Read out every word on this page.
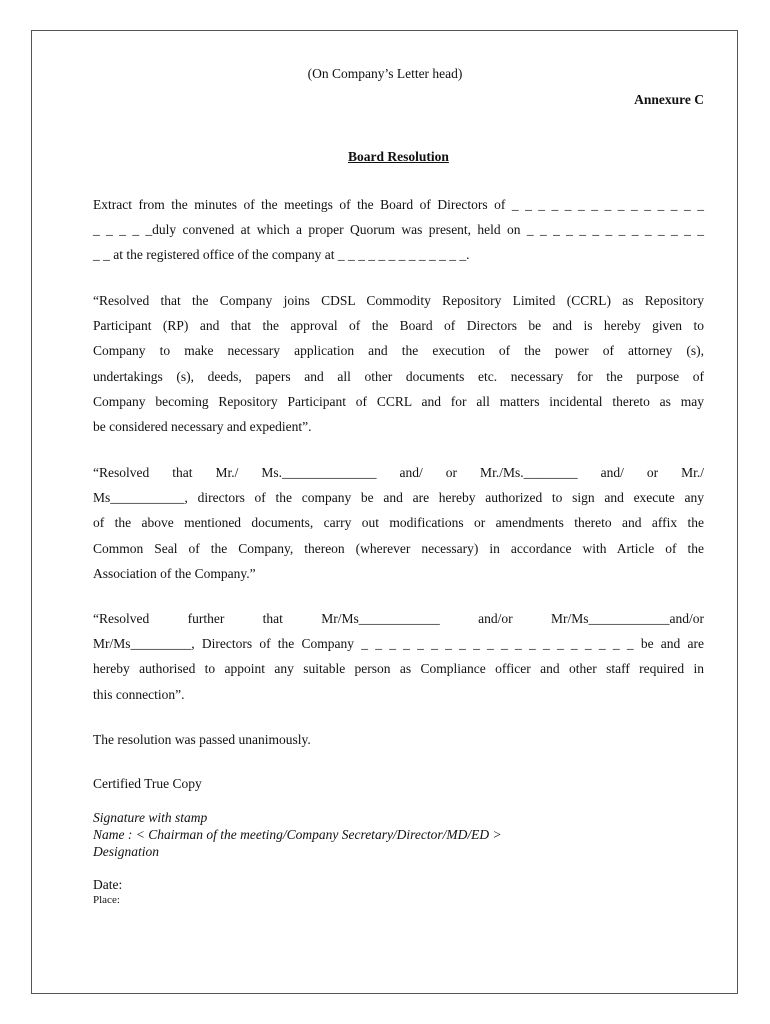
(On Company’s Letter head)
Annexure C
Board Resolution
Extract from the minutes of the meetings of the Board of Directors of _ _ _ _ _ _ _ _ _ _ _ _ _ _ _
_ _ _ _ _duly convened at which a proper Quorum was present, held on _ _ _ _ _ _ _ _ _ _ _ _ _ _
_ _ at the registered office of the company at _ _ _ _ _ _ _ _ _ _ _ _ _.
“Resolved that the Company joins CDSL Commodity Repository Limited (CCRL) as Repository
Participant (RP) and that the approval of the Board of Directors be and is hereby given to
Company to make necessary application and the execution of the power of attorney (s),
undertakings (s), deeds, papers and all other documents etc. necessary for the purpose of
Company becoming Repository Participant of CCRL and for all matters incidental thereto as may
be considered necessary and expedient”.
“Resolved that Mr./ Ms.______________ and/ or Mr./Ms.________ and/ or Mr./
Ms___________, directors of the company be and are hereby authorized to sign and execute any
of the above mentioned documents, carry out modifications or amendments thereto and affix the
Common Seal of the Company, thereon (wherever necessary) in accordance with Article of the
Association of the Company.”
“Resolved further that Mr/Ms____________ and/or Mr/Ms____________and/or
Mr/Ms_________, Directors of the Company _ _ _ _ _ _ _ _ _ _ _ _ _ _ _ _ _ _ _ _ be and are
hereby authorised to appoint any suitable person as Compliance officer and other staff required in
this connection”.
The resolution was passed unanimously.
Certified True Copy
Signature with stamp
Name : < Chairman of the meeting/Company Secretary/Director/MD/ED >
Designation
Date:
Place:
